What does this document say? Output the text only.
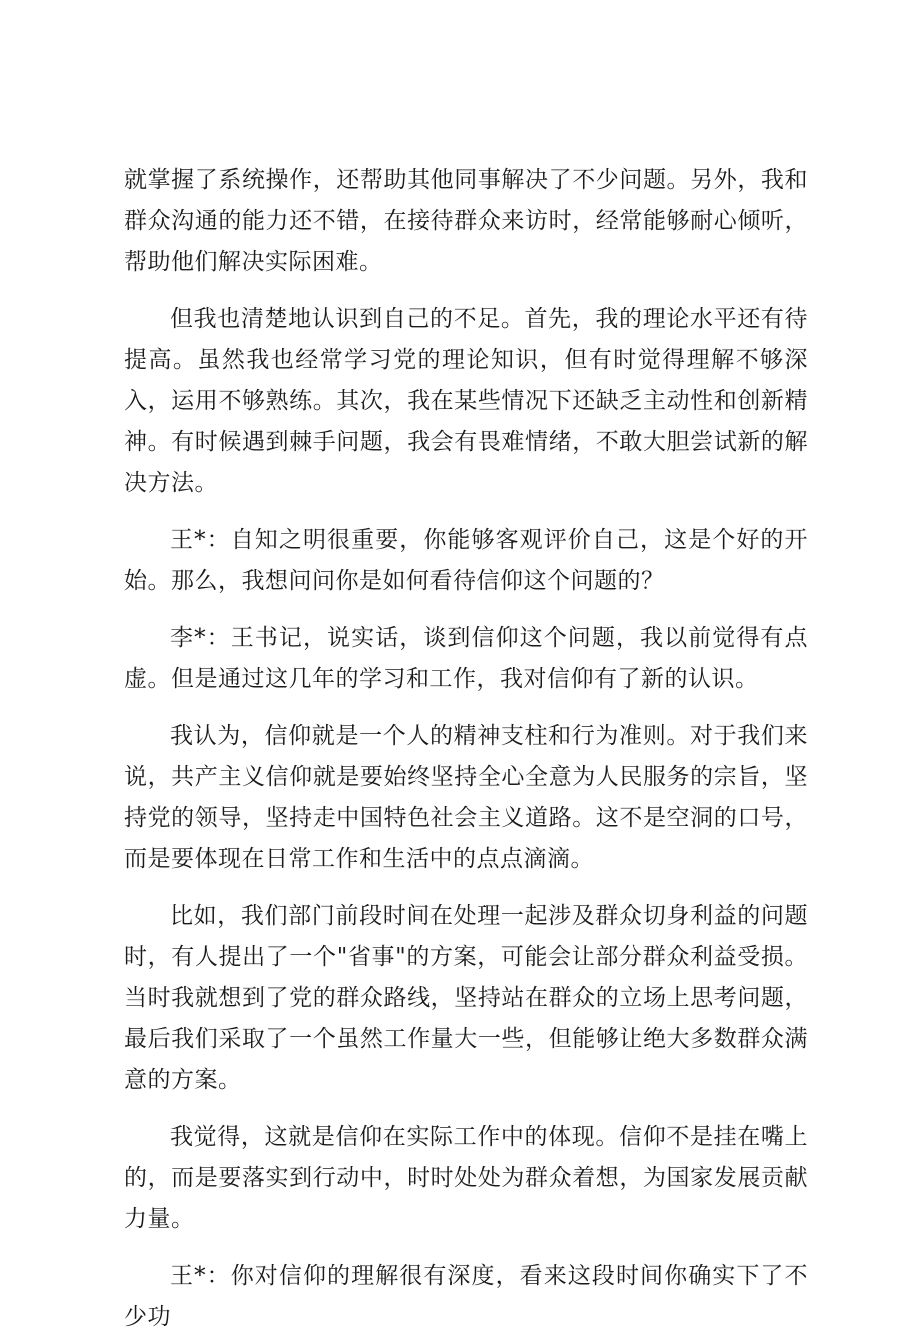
就掌握了系统操作，还帮助其他同事解决了不少问题。另外，我和群众沟通的能力还不错，在接待群众来访时，经常能够耐心倾听，帮助他们解决实际困难。

但我也清楚地认识到自己的不足。首先，我的理论水平还有待提高。虽然我也经常学习党的理论知识，但有时觉得理解不够深入，运用不够熟练。其次，我在某些情况下还缺乏主动性和创新精神。有时候遇到棘手问题，我会有畏难情绪，不敢大胆尝试新的解决方法。

王*：自知之明很重要，你能够客观评价自己，这是个好的开始。那么，我想问问你是如何看待信仰这个问题的？

李*：王书记，说实话，谈到信仰这个问题，我以前觉得有点虚。但是通过这几年的学习和工作，我对信仰有了新的认识。

我认为，信仰就是一个人的精神支柱和行为准则。对于我们来说，共产主义信仰就是要始终坚持全心全意为人民服务的宗旨，坚持党的领导，坚持走中国特色社会主义道路。这不是空洞的口号，而是要体现在日常工作和生活中的点点滴滴。

比如，我们部门前段时间在处理一起涉及群众切身利益的问题时，有人提出了一个"省事"的方案，可能会让部分群众利益受损。当时我就想到了党的群众路线，坚持站在群众的立场上思考问题，最后我们采取了一个虽然工作量大一些，但能够让绝大多数群众满意的方案。

我觉得，这就是信仰在实际工作中的体现。信仰不是挂在嘴上的，而是要落实到行动中，时时处处为群众着想，为国家发展贡献力量。

王*：你对信仰的理解很有深度，看来这段时间你确实下了不少功
